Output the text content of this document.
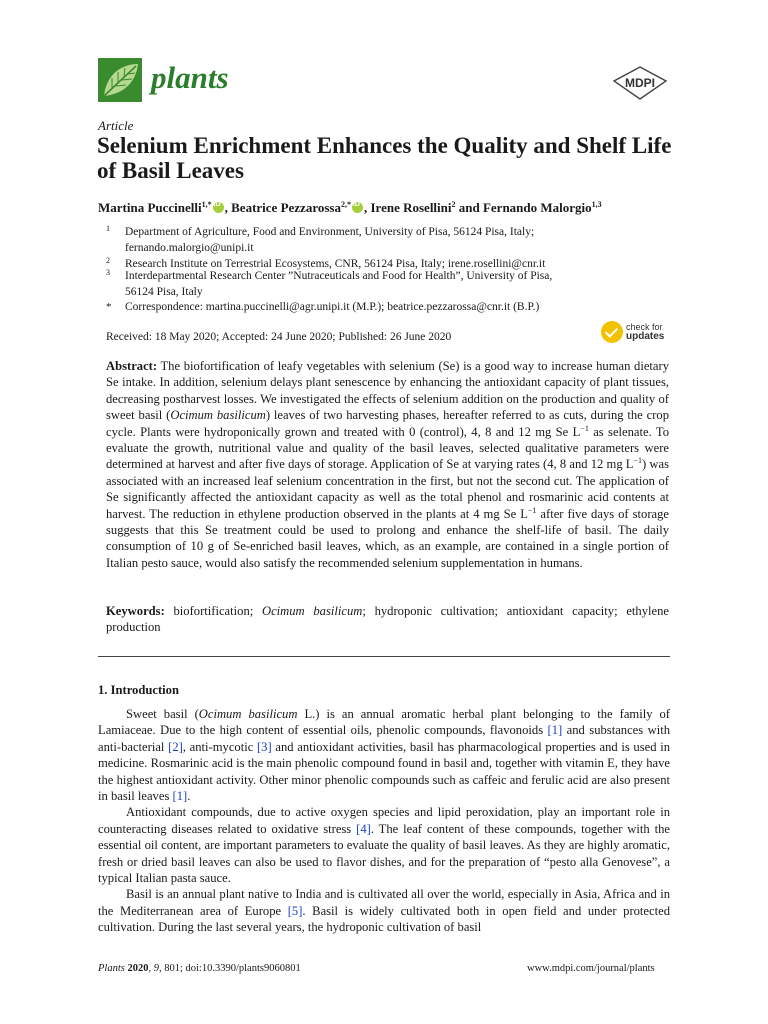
plants	MDPI
Article
Selenium Enrichment Enhances the Quality and Shelf Life of Basil Leaves
Martina Puccinelli$^{1,*}$ iD , Beatrice Pezzarossa$^{2,*}$ iD , Irene Rosellini$^2$ and Fernando Malorgio$^{1,3}$
1 Department of Agriculture, Food and Environment, University of Pisa, 56124 Pisa, Italy;
fernando.malorgio@unipi.it
2 Research Institute on Terrestrial Ecosystems, CNR, 56124 Pisa, Italy; irene.rosellini@cnr.it
3 Interdepartmental Research Center ”Nutraceuticals and Food for Health”, University of Pisa,
56124 Pisa, Italy
* Correspondence: martina.puccinelli@agr.unipi.it (M.P.); beatrice.pezzarossa@cnr.it (B.P.)
Received: 18 May 2020; Accepted: 24 June 2020; Published: 26 June 2020
check for
updates
Abstract: The biofortification of leafy vegetables with selenium (Se) is a good way to increase human dietary Se intake. In addition, selenium delays plant senescence by enhancing the antioxidant capacity of plant tissues, decreasing postharvest losses. We investigated the effects of selenium addition on the production and quality of sweet basil (Ocimum basilicum) leaves of two harvesting phases, hereafter referred to as cuts, during the crop cycle. Plants were hydroponically grown and treated with 0 (control), 4, 8 and 12 mg Se $L^{-1}$ as selenate. To evaluate the growth, nutritional value and quality of the basil leaves, selected qualitative parameters were determined at harvest and after five days of storage. Application of Se at varying rates (4, 8 and 12 mg $L^{-1}$) was associated with an increased leaf selenium concentration in the first, but not the second cut. The application of Se significantly affected the antioxidant capacity as well as the total phenol and rosmarinic acid contents at harvest. The reduction in ethylene production observed in the plants at 4 mg Se $L^{-1}$ after five days of storage suggests that this Se treatment could be used to prolong and enhance the shelf-life of basil. The daily consumption of 10 g of Se-enriched basil leaves, which, as an example, are contained in a single portion of Italian pesto sauce, would also satisfy the recommended selenium supplementation in humans.
Keywords: biofortification; Ocimum basilicum; hydroponic cultivation; antioxidant capacity; ethylene production
1. Introduction

Sweet basil (Ocimum basilicum L.) is an annual aromatic herbal plant belonging to the family of Lamiaceae. Due to the high content of essential oils, phenolic compounds, flavonoids [1] and substances with anti-bacterial [2], anti-mycotic [3] and antioxidant activities, basil has pharmacological properties and is used in medicine. Rosmarinic acid is the main phenolic compound found in basil and, together with vitamin E, they have the highest antioxidant activity. Other minor phenolic compounds such as caffeic and ferulic acid are also present in basil leaves [1].

Antioxidant compounds, due to active oxygen species and lipid peroxidation, play an important role in counteracting diseases related to oxidative stress [4]. The leaf content of these compounds, together with the essential oil content, are important parameters to evaluate the quality of basil leaves. As they are highly aromatic, fresh or dried basil leaves can also be used to flavor dishes, and for the preparation of “pesto alla Genovese”, a typical Italian pasta sauce.

Basil is an annual plant native to India and is cultivated all over the world, especially in Asia, Africa and in the Mediterranean area of Europe [5]. Basil is widely cultivated both in open field and under protected cultivation. During the last several years, the hydroponic cultivation of basil

Plants 2020, 9, 801; doi:10.3390/plants9060801	www.mdpi.com/journal/plants
